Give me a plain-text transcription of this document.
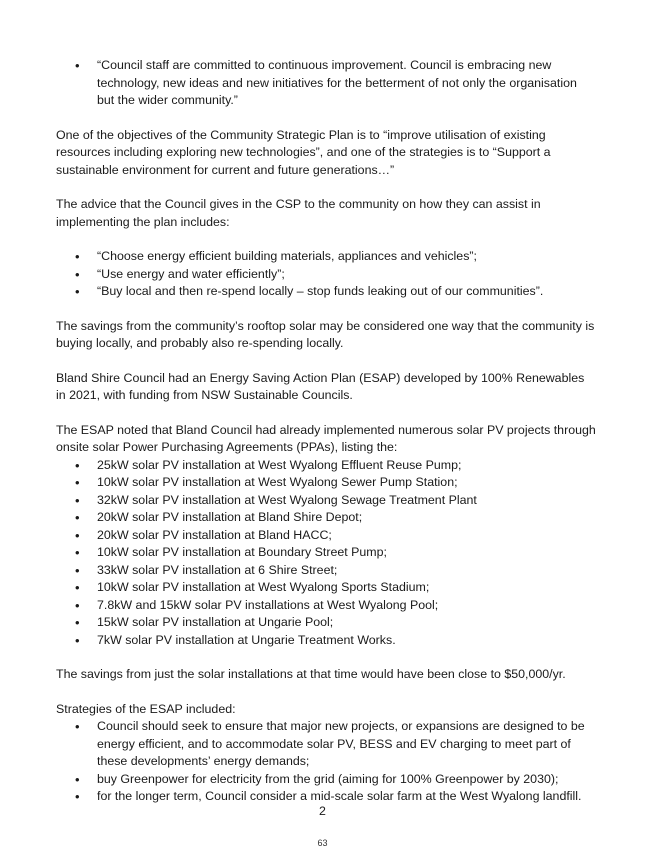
• “Council staff are committed to continuous improvement. Council is embracing new technology, new ideas and new initiatives for the betterment of not only the organisation but the wider community.”

One of the objectives of the Community Strategic Plan is to “improve utilisation of existing resources including exploring new technologies”, and one of the strategies is to “Support a sustainable environment for current and future generations…”

The advice that the Council gives in the CSP to the community on how they can assist in implementing the plan includes:

• “Choose energy efficient building materials, appliances and vehicles”;
• “Use energy and water efficiently”;
• “Buy local and then re-spend locally – stop funds leaking out of our communities”.

The savings from the community’s rooftop solar may be considered one way that the community is buying locally, and probably also re-spending locally.

Bland Shire Council had an Energy Saving Action Plan (ESAP) developed by 100% Renewables in 2021, with funding from NSW Sustainable Councils.

The ESAP noted that Bland Council had already implemented numerous solar PV projects through onsite solar Power Purchasing Agreements (PPAs), listing the:

• 25kW solar PV installation at West Wyalong Effluent Reuse Pump;
• 10kW solar PV installation at West Wyalong Sewer Pump Station;
• 32kW solar PV installation at West Wyalong Sewage Treatment Plant
• 20kW solar PV installation at Bland Shire Depot;
• 20kW solar PV installation at Bland HACC;
• 10kW solar PV installation at Boundary Street Pump;
• 33kW solar PV installation at 6 Shire Street;
• 10kW solar PV installation at West Wyalong Sports Stadium;
• 7.8kW and 15kW solar PV installations at West Wyalong Pool;
• 15kW solar PV installation at Ungarie Pool;
• 7kW solar PV installation at Ungarie Treatment Works.

The savings from just the solar installations at that time would have been close to $50,000/yr.

Strategies of the ESAP included:

• Council should seek to ensure that major new projects, or expansions are designed to be energy efficient, and to accommodate solar PV, BESS and EV charging to meet part of these developments’ energy demands;
• buy Greenpower for electricity from the grid (aiming for 100% Greenpower by 2030);
• for the longer term, Council consider a mid-scale solar farm at the West Wyalong landfill.
2
63
